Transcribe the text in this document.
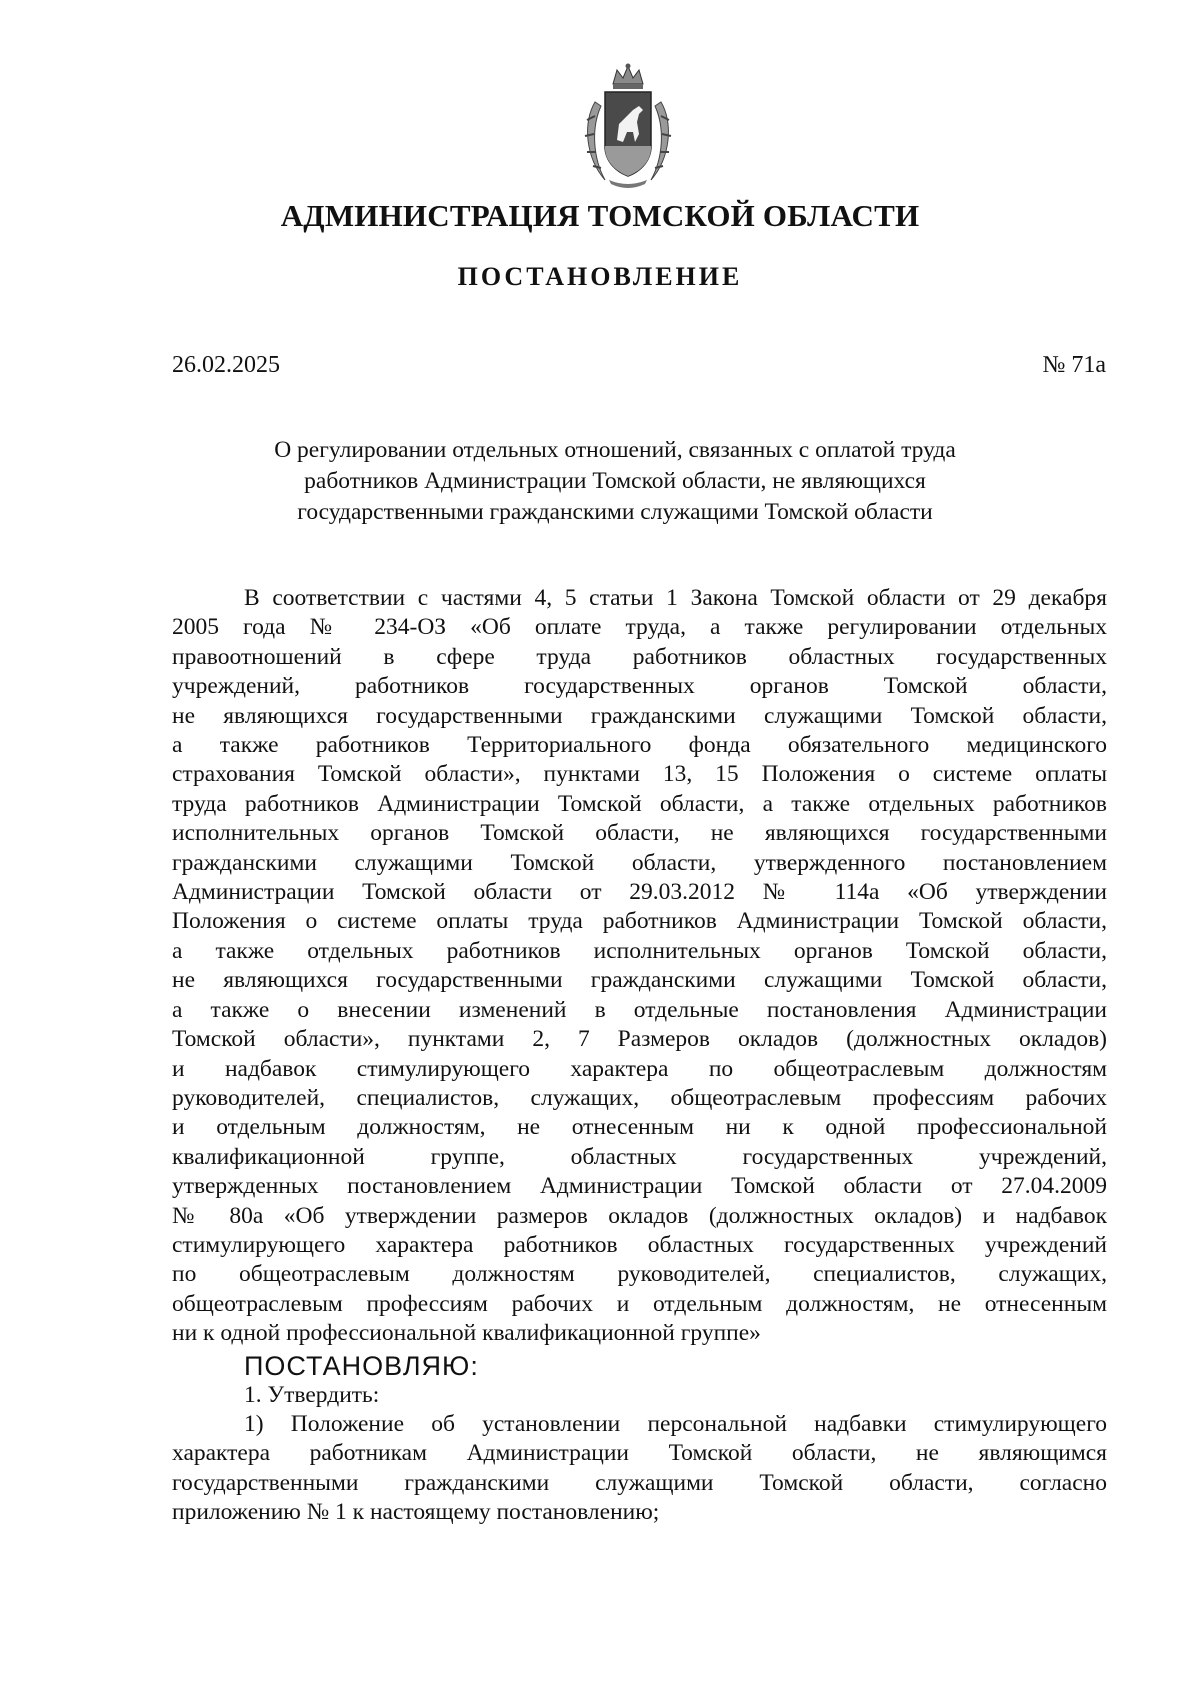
АДМИНИСТРАЦИЯ ТОМСКОЙ ОБЛАСТИ
ПОСТАНОВЛЕНИЕ
26.02.2025	№ 71а
О регулировании отдельных отношений, связанных с оплатой труда
работников Администрации Томской области, не являющихся
государственными гражданскими служащими Томской области
В соответствии с частями 4, 5 статьи 1 Закона Томской области от 29 декабря
2005 года № 234-ОЗ «Об оплате труда, а также регулировании отдельных
правоотношений в сфере труда работников областных государственных
учреждений, работников государственных органов Томской области,
не являющихся государственными гражданскими служащими Томской области,
а также работников Территориального фонда обязательного медицинского
страхования Томской области», пунктами 13, 15 Положения о системе оплаты
труда работников Администрации Томской области, а также отдельных работников
исполнительных органов Томской области, не являющихся государственными
гражданскими служащими Томской области, утвержденного постановлением
Администрации Томской области от 29.03.2012 № 114а «Об утверждении
Положения о системе оплаты труда работников Администрации Томской области,
а также отдельных работников исполнительных органов Томской области,
не являющихся государственными гражданскими служащими Томской области,
а также о внесении изменений в отдельные постановления Администрации
Томской области», пунктами 2, 7 Размеров окладов (должностных окладов)
и надбавок стимулирующего характера по общеотраслевым должностям
руководителей, специалистов, служащих, общеотраслевым профессиям рабочих
и отдельным должностям, не отнесенным ни к одной профессиональной
квалификационной группе, областных государственных учреждений,
утвержденных постановлением Администрации Томской области от 27.04.2009
№ 80а «Об утверждении размеров окладов (должностных окладов) и надбавок
стимулирующего характера работников областных государственных учреждений
по общеотраслевым должностям руководителей, специалистов, служащих,
общеотраслевым профессиям рабочих и отдельным должностям, не отнесенным
ни к одной профессиональной квалификационной группе»
ПОСТАНОВЛЯЮ:
1. Утвердить:
1) Положение об установлении персональной надбавки стимулирующего
характера работникам Администрации Томской области, не являющимся
государственными гражданскими служащими Томской области, согласно
приложению № 1 к настоящему постановлению;
